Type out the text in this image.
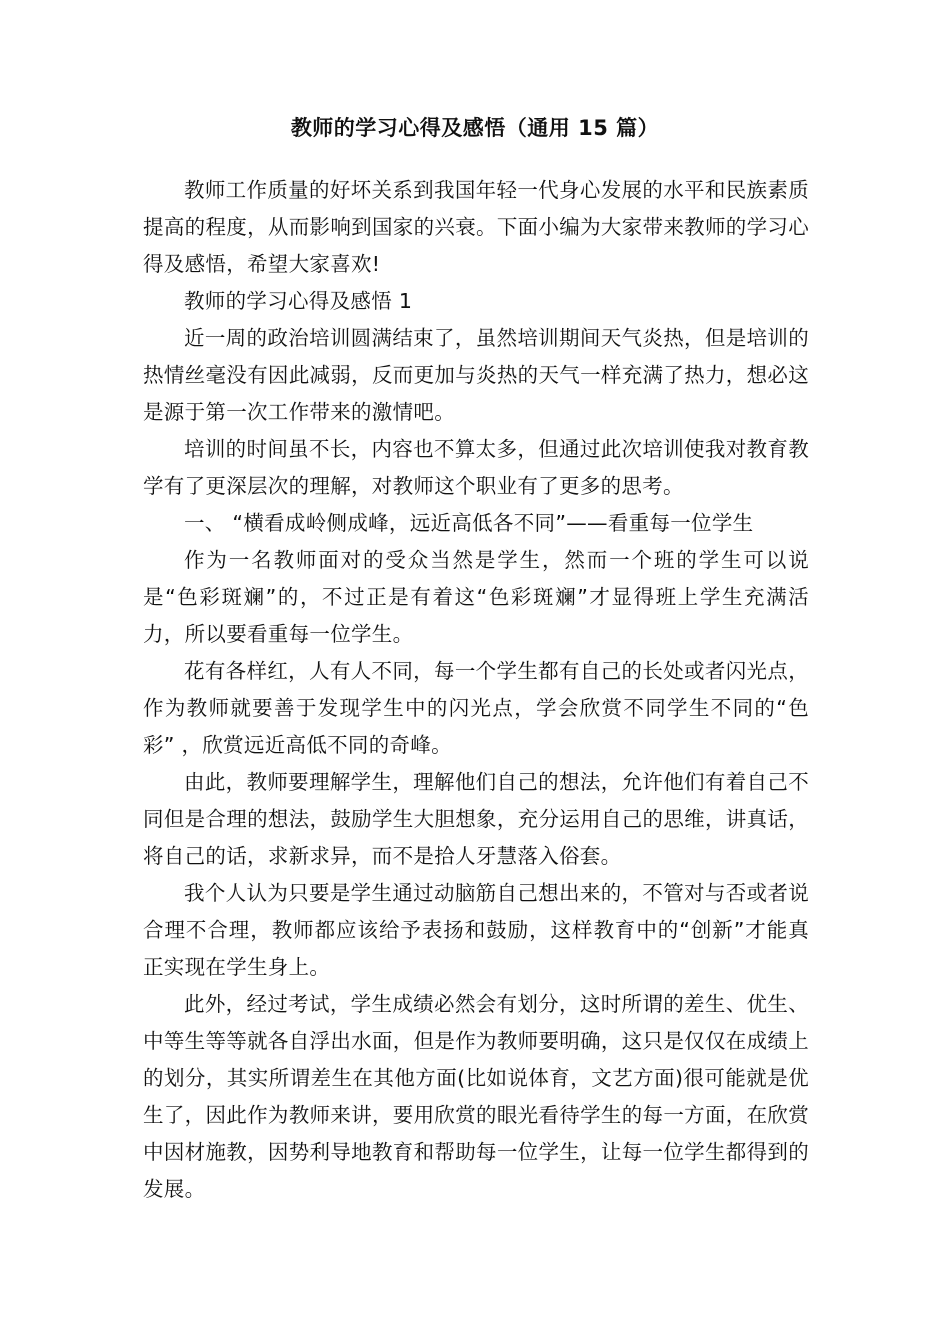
教师的学习心得及感悟（通用 15 篇）

教师工作质量的好坏关系到我国年轻一代身心发展的水平和民族素质提高的程度，从而影响到国家的兴衰。下面小编为大家带来教师的学习心得及感悟，希望大家喜欢!

教师的学习心得及感悟 1

近一周的政治培训圆满结束了，虽然培训期间天气炎热，但是培训的热情丝毫没有因此减弱，反而更加与炎热的天气一样充满了热力，想必这是源于第一次工作带来的激情吧。

培训的时间虽不长，内容也不算太多，但通过此次培训使我对教育教学有了更深层次的理解，对教师这个职业有了更多的思考。

一、 “横看成岭侧成峰，远近高低各不同”——看重每一位学生

作为一名教师面对的受众当然是学生，然而一个班的学生可以说是“色彩斑斓”的，不过正是有着这“色彩斑斓”才显得班上学生充满活力，所以要看重每一位学生。

花有各样红，人有人不同，每一个学生都有自己的长处或者闪光点，作为教师就要善于发现学生中的闪光点，学会欣赏不同学生不同的“色彩” ，欣赏远近高低不同的奇峰。

由此，教师要理解学生，理解他们自己的想法，允许他们有着自己不同但是合理的想法，鼓励学生大胆想象，充分运用自己的思维，讲真话，将自己的话，求新求异，而不是拾人牙慧落入俗套。

我个人认为只要是学生通过动脑筋自己想出来的，不管对与否或者说合理不合理，教师都应该给予表扬和鼓励，这样教育中的“创新”才能真正实现在学生身上。

此外，经过考试，学生成绩必然会有划分，这时所谓的差生、优生、中等生等等就各自浮出水面，但是作为教师要明确，这只是仅仅在成绩上的划分，其实所谓差生在其他方面(比如说体育，文艺方面)很可能就是优生了，因此作为教师来讲，要用欣赏的眼光看待学生的每一方面，在欣赏中因材施教，因势利导地教育和帮助每一位学生，让每一位学生都得到的发展。
